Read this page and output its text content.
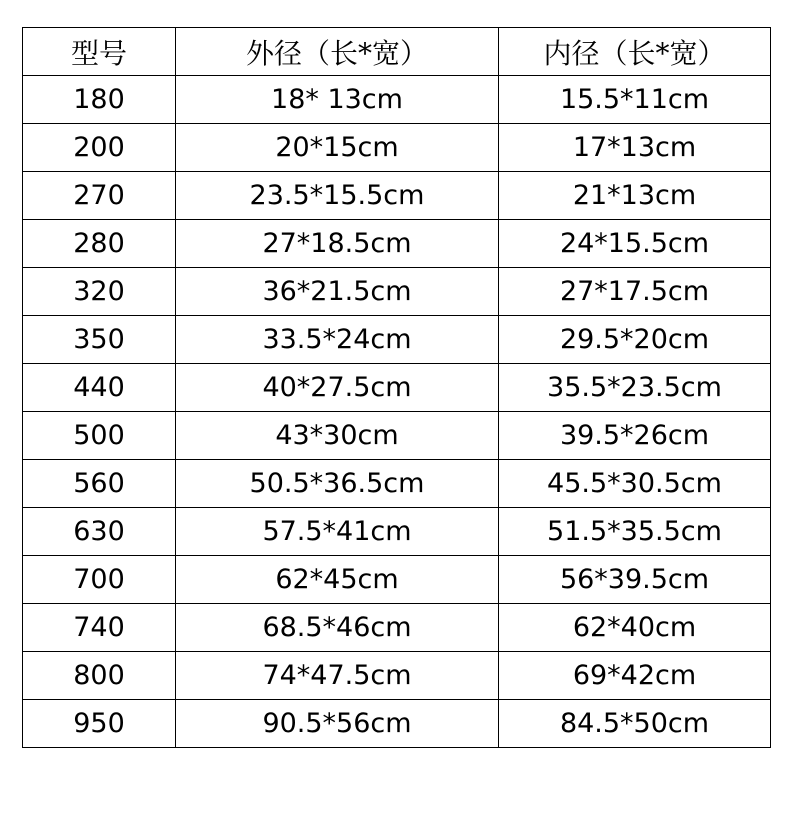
型号	外径（长*宽）	内径（长*宽）
180	18* 13cm	15.5*11cm
200	20*15cm	17*13cm
270	23.5*15.5cm	21*13cm
280	27*18.5cm	24*15.5cm
320	36*21.5cm	27*17.5cm
350	33.5*24cm	29.5*20cm
440	40*27.5cm	35.5*23.5cm
500	43*30cm	39.5*26cm
560	50.5*36.5cm	45.5*30.5cm
630	57.5*41cm	51.5*35.5cm
700	62*45cm	56*39.5cm
740	68.5*46cm	62*40cm
800	74*47.5cm	69*42cm
950	90.5*56cm	84.5*50cm
